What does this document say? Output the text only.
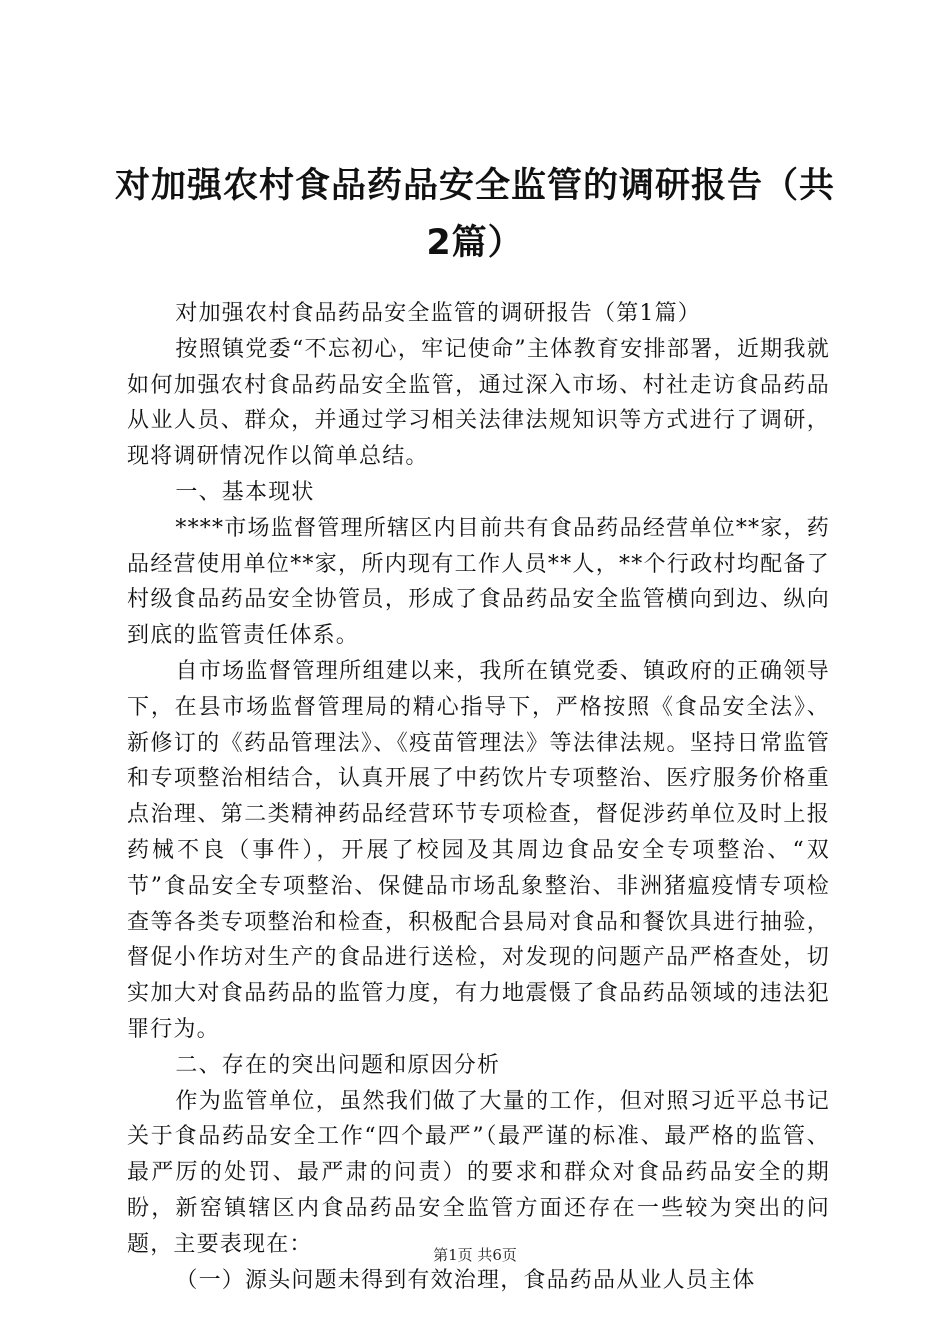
对加强农村食品药品安全监管的调研报告（共2篇）

对加强农村食品药品安全监管的调研报告（第1篇）

按照镇党委“不忘初心，牢记使命”主体教育安排部署，近期我就如何加强农村食品药品安全监管，通过深入市场、村社走访食品药品从业人员、群众，并通过学习相关法律法规知识等方式进行了调研，现将调研情况作以简单总结。

一、基本现状

****市场监督管理所辖区内目前共有食品药品经营单位**家，药品经营使用单位**家，所内现有工作人员**人，**个行政村均配备了村级食品药品安全协管员，形成了食品药品安全监管横向到边、纵向到底的监管责任体系。

自市场监督管理所组建以来，我所在镇党委、镇政府的正确领导下，在县市场监督管理局的精心指导下，严格按照《食品安全法》、新修订的《药品管理法》、《疫苗管理法》等法律法规。坚持日常监管和专项整治相结合，认真开展了中药饮片专项整治、医疗服务价格重点治理、第二类精神药品经营环节专项检查，督促涉药单位及时上报药械不良（事件），开展了校园及其周边食品安全专项整治、“双节”食品安全专项整治、保健品市场乱象整治、非洲猪瘟疫情专项检查等各类专项整治和检查，积极配合县局对食品和餐饮具进行抽验，督促小作坊对生产的食品进行送检，对发现的问题产品严格查处，切实加大对食品药品的监管力度，有力地震慑了食品药品领域的违法犯罪行为。

二、存在的突出问题和原因分析

作为监管单位，虽然我们做了大量的工作，但对照习近平总书记关于食品药品安全工作“四个最严”（最严谨的标准、最严格的监管、最严厉的处罚、最严肃的问责）的要求和群众对食品药品安全的期盼，新窑镇辖区内食品药品安全监管方面还存在一些较为突出的问题，主要表现在：

（一）源头问题未得到有效治理，食品药品从业人员主体

第1页 共6页
